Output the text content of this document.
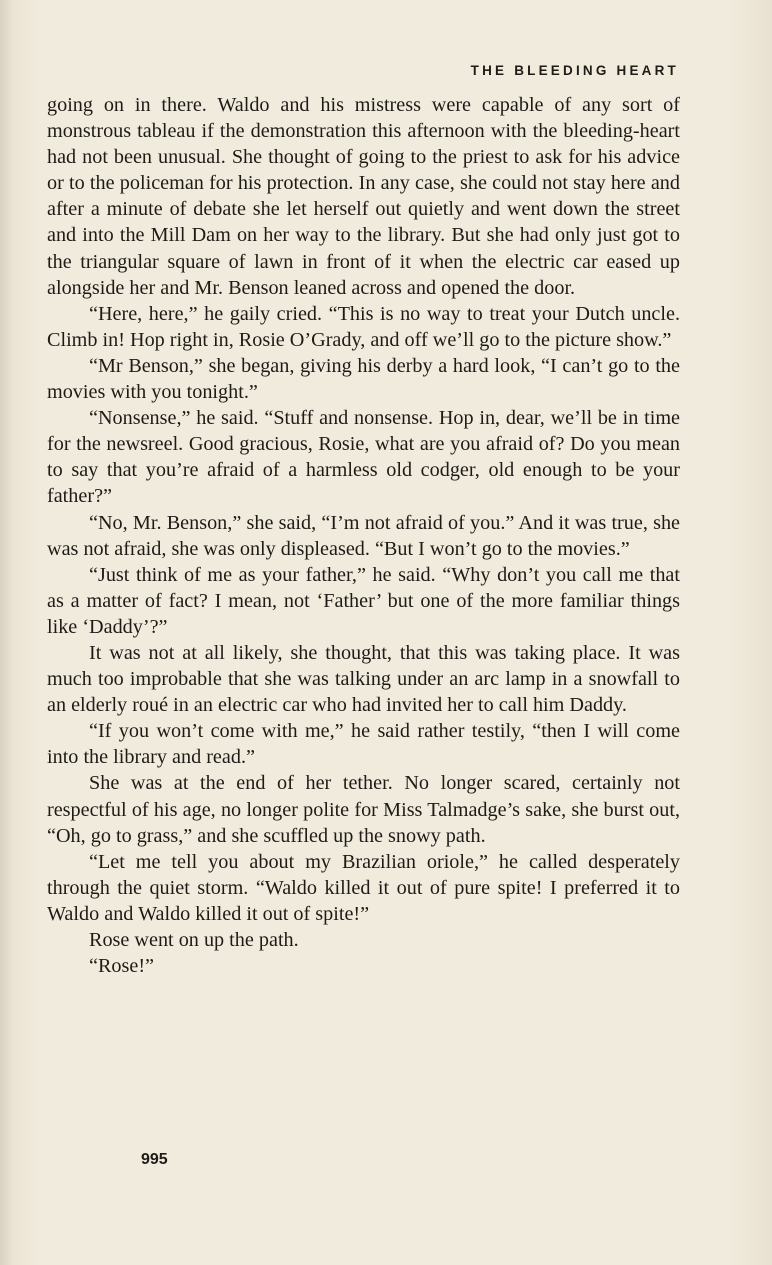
THE BLEEDING HEART

going on in there. Waldo and his mistress were capable of any sort of monstrous tableau if the demonstration this afternoon with the bleeding-heart had not been unusual. She thought of going to the priest to ask for his advice or to the policeman for his protection. In any case, she could not stay here and after a minute of debate she let herself out quietly and went down the street and into the Mill Dam on her way to the library. But she had only just got to the triangular square of lawn in front of it when the electric car eased up alongside her and Mr. Benson leaned across and opened the door.

“Here, here,” he gaily cried. “This is no way to treat your Dutch uncle. Climb in! Hop right in, Rosie O’Grady, and off we’ll go to the picture show.”

“Mr Benson,” she began, giving his derby a hard look, “I can’t go to the movies with you tonight.”

“Nonsense,” he said. “Stuff and nonsense. Hop in, dear, we’ll be in time for the newsreel. Good gracious, Rosie, what are you afraid of? Do you mean to say that you’re afraid of a harmless old codger, old enough to be your father?”

“No, Mr. Benson,” she said, “I’m not afraid of you.” And it was true, she was not afraid, she was only displeased. “But I won’t go to the movies.”

“Just think of me as your father,” he said. “Why don’t you call me that as a matter of fact? I mean, not ‘Father’ but one of the more familiar things like ‘Daddy’?”

It was not at all likely, she thought, that this was taking place. It was much too improbable that she was talking under an arc lamp in a snowfall to an elderly roué in an electric car who had invited her to call him Daddy.

“If you won’t come with me,” he said rather testily, “then I will come into the library and read.”

She was at the end of her tether. No longer scared, certainly not respectful of his age, no longer polite for Miss Talmadge’s sake, she burst out, “Oh, go to grass,” and she scuffled up the snowy path.

“Let me tell you about my Brazilian oriole,” he called desperately through the quiet storm. “Waldo killed it out of pure spite! I preferred it to Waldo and Waldo killed it out of spite!”

Rose went on up the path.

“Rose!”

995
